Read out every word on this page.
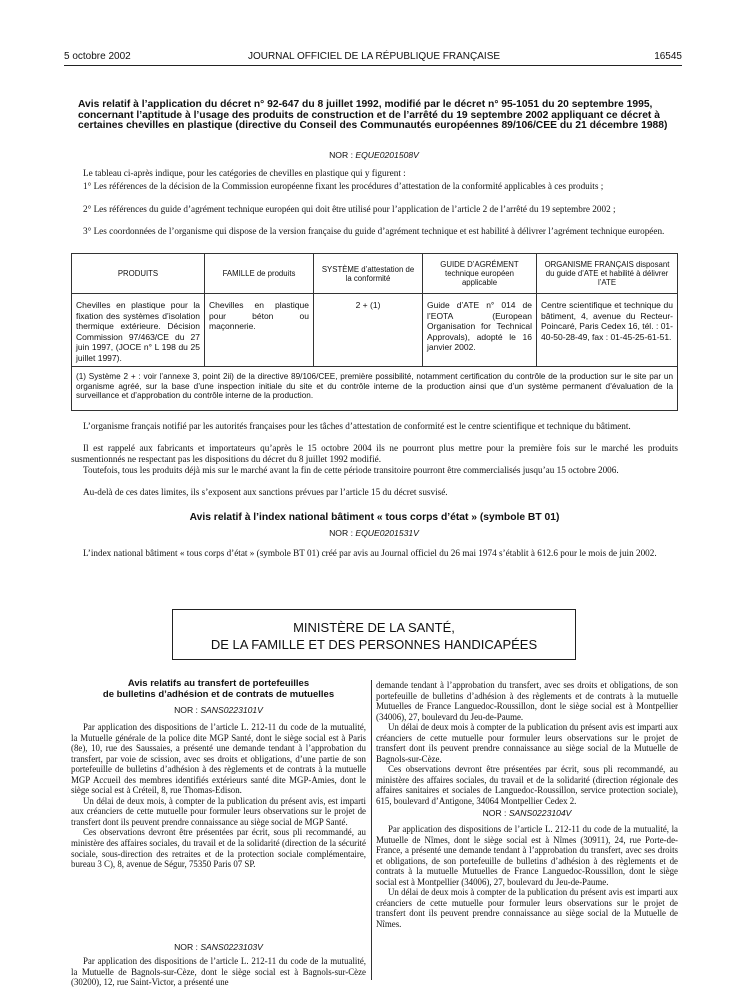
5 octobre 2002	JOURNAL OFFICIEL DE LA RÉPUBLIQUE FRANÇAISE	16545
Avis relatif à l’application du décret n° 92-647 du 8 juillet 1992, modifié par le décret n° 95-1051 du 20 septembre 1995, concernant l’aptitude à l’usage des produits de construction et de l’arrêté du 19 septembre 2002 appliquant ce décret à certaines chevilles en plastique (directive du Conseil des Communautés européennes 89/106/CEE du 21 décembre 1988)
NOR : EQUE0201508V

Le tableau ci-après indique, pour les catégories de chevilles en plastique qui y figurent :

1° Les références de la décision de la Commission européenne fixant les procédures d’attestation de la conformité applicables à ces produits ;

2° Les références du guide d’agrément technique européen qui doit être utilisé pour l’application de l’article 2 de l’arrêté du 19 septembre 2002 ;

3° Les coordonnées de l’organisme qui dispose de la version française du guide d’agrément technique et est habilité à délivrer l’agrément technique européen.

PRODUITS	FAMILLE de produits	SYSTÈME d’attestation de la conformité	GUIDE D’AGRÉMENT technique européen applicable	ORGANISME FRANÇAIS disposant du guide d’ATE et habilité à délivrer l’ATE
Chevilles en plastique pour la fixation des systèmes d’isolation thermique extérieure. Décision Commission 97/463/CE du 27 juin 1997, (JOCE n° L 198 du 25 juillet 1997).	Chevilles en plastique pour béton ou maçonnerie.	2 + (1)	Guide d’ATE n° 014 de l’EOTA (European Organisation for Technical Approvals), adopté le 16 janvier 2002.	Centre scientifique et technique du bâtiment, 4, avenue du Recteur-Poincaré, Paris Cedex 16, tél. : 01-40-50-28-49, fax : 01-45-25-61-51.
(1) Système 2 + : voir l’annexe 3, point 2ii) de la directive 89/106/CEE, première possibilité, notamment certification du contrôle de la production sur le site par un organisme agréé, sur la base d’une inspection initiale du site et du contrôle interne de la production ainsi que d’un système permanent d’évaluation de la surveillance et d’approbation du contrôle interne de la production.				

L’organisme français notifié par les autorités françaises pour les tâches d’attestation de conformité est le centre scientifique et technique du bâtiment.

Il est rappelé aux fabricants et importateurs qu’après le 15 octobre 2004 ils ne pourront plus mettre pour la première fois sur le marché les produits susmentionnés ne respectant pas les dispositions du décret du 8 juillet 1992 modifié.

Toutefois, tous les produits déjà mis sur le marché avant la fin de cette période transitoire pourront être commercialisés jusqu’au 15 octobre 2006.

Au-delà de ces dates limites, ils s’exposent aux sanctions prévues par l’article 15 du décret susvisé.

Avis relatif à l’index national bâtiment « tous corps d’état » (symbole BT 01)
NOR : EQUE0201531V

L’index national bâtiment « tous corps d’état » (symbole BT 01) créé par avis au Journal officiel du 26 mai 1974 s’établit à 612.6 pour le mois de juin 2002.

MINISTÈRE DE LA SANTÉ,
DE LA FAMILLE ET DES PERSONNES HANDICAPÉES
Avis relatifs au transfert de portefeuilles
de bulletins d’adhésion et de contrats de mutuelles
NOR : SANS0223101V

Par application des dispositions de l’article L. 212-11 du code de la mutualité, la Mutuelle générale de la police dite MGP Santé, dont le siège social est à Paris (8e), 10, rue des Saussaies, a présenté une demande tendant à l’approbation du transfert, par voie de scission, avec ses droits et obligations, d’une partie de son portefeuille de bulletins d’adhésion à des règlements et de contrats à la mutuelle MGP Accueil des membres identifiés extérieurs santé dite MGP-Amies, dont le siège social est à Créteil, 8, rue Thomas-Edison.

Un délai de deux mois, à compter de la publication du présent avis, est imparti aux créanciers de cette mutuelle pour formuler leurs observations sur le projet de transfert dont ils peuvent prendre connaissance au siège social de MGP Santé.

Ces observations devront être présentées par écrit, sous pli recommandé, au ministère des affaires sociales, du travail et de la solidarité (direction de la sécurité sociale, sous-direction des retraites et de la protection sociale complémentaire, bureau 3 C), 8, avenue de Ségur, 75350 Paris 07 SP.

NOR : SANS0223103V

Par application des dispositions de l’article L. 212-11 du code de la mutualité, la Mutuelle de Bagnols-sur-Cèze, dont le siège social est à Bagnols-sur-Cèze (30200), 12, rue Saint-Victor, a présenté une

demande tendant à l’approbation du transfert, avec ses droits et obligations, de son portefeuille de bulletins d’adhésion à des règlements et de contrats à la mutuelle Mutuelles de France Languedoc-Roussillon, dont le siège social est à Montpellier (34006), 27, boulevard du Jeu-de-Paume.

Un délai de deux mois à compter de la publication du présent avis est imparti aux créanciers de cette mutuelle pour formuler leurs observations sur le projet de transfert dont ils peuvent prendre connaissance au siège social de la Mutuelle de Bagnols-sur-Cèze.

Ces observations devront être présentées par écrit, sous pli recommandé, au ministère des affaires sociales, du travail et de la solidarité (direction régionale des affaires sanitaires et sociales de Languedoc-Roussillon, service protection sociale), 615, boulevard d’Antigone, 34064 Montpellier Cedex 2.

NOR : SANS0223104V

Par application des dispositions de l’article L. 212-11 du code de la mutualité, la Mutuelle de Nîmes, dont le siège social est à Nîmes (30911), 24, rue Porte-de-France, a présenté une demande tendant à l’approbation du transfert, avec ses droits et obligations, de son portefeuille de bulletins d’adhésion à des règlements et de contrats à la mutuelle Mutuelles de France Languedoc-Roussillon, dont le siège social est à Montpellier (34006), 27, boulevard du Jeu-de-Paume.

Un délai de deux mois à compter de la publication du présent avis est imparti aux créanciers de cette mutuelle pour formuler leurs observations sur le projet de transfert dont ils peuvent prendre connaissance au siège social de la Mutuelle de Nîmes.
